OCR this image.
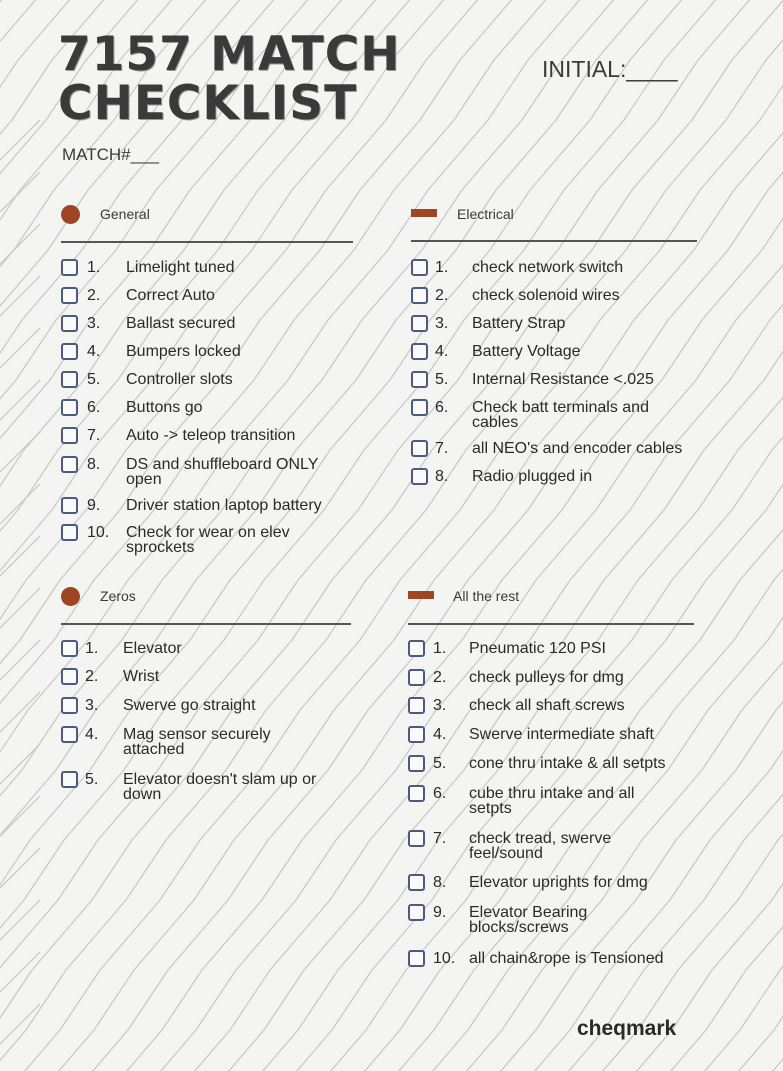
7157 MATCH
CHECKLIST
INITIAL:____
MATCH#___
General
1. Limelight tuned
2. Correct Auto
3. Ballast secured
4. Bumpers locked
5. Controller slots
6. Buttons go
7. Auto -> teleop transition
8. DS and shuffleboard ONLY
open
9. Driver station laptop battery
10. Check for wear on elev
sprockets
Electrical
1. check network switch
2. check solenoid wires
3. Battery Strap
4. Battery Voltage
5. Internal Resistance <.025
6. Check batt terminals and
cables
7. all NEO's and encoder cables
8. Radio plugged in
Zeros
1. Elevator
2. Wrist
3. Swerve go straight
4. Mag sensor securely
attached
5. Elevator doesn't slam up or
down
All the rest
1. Pneumatic 120 PSI
2. check pulleys for dmg
3. check all shaft screws
4. Swerve intermediate shaft
5. cone thru intake & all setpts
6. cube thru intake and all
setpts
7. check tread, swerve
feel/sound
8. Elevator uprights for dmg
9. Elevator Bearing
blocks/screws
10. all chain&rope is Tensioned
cheqmark
